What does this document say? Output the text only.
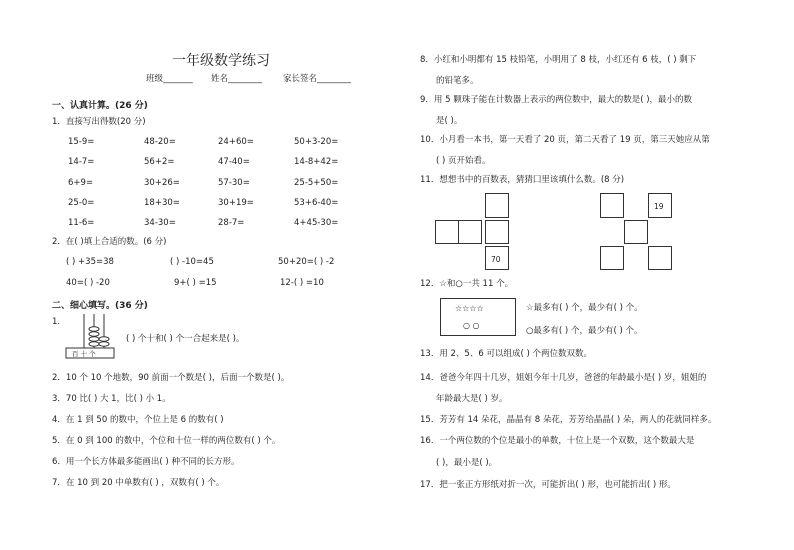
一年级数学练习
班级_______ 姓名________ 家长签名________
一、认真计算。(26 分)
1．直接写出得数(20 分)
15-9=	48-20=	24+60=	50+3-20=
14-7=	56+2=	47-40=	14-8+42=
6+9=	30+26=	57-30=	25-5+50=
25-0=	18+30=	30+19=	53+6-40=
11-6=	34-30=	28-7=	4+45-30=
2．在( )填上合适的数。(6 分)
( ) +35=38	( ) -10=45	50+20=( ) -2
40=( ) -20	9+( ) =15	12-( ) =10
二、细心填写。(36 分)
1.
百 十 个
( ) 个十和( ) 个一合起来是( )。
2．10 个 10 个地数，90 前面一个数是( )，后面一个数是( )。
3．70 比( ) 大 1，比( ) 小 1。
4．在 1 到 50 的数中，个位上是 6 的数有( )
5．在 0 到 100 的数中，个位和十位一样的两位数有( ) 个。
6．用一个长方体最多能画出( ) 种不同的长方形。
7．在 10 到 20 中单数有( ) ，双数有( ) 个。
8．小红和小明都有 15 枝铅笔，小明用了 8 枝，小红还有 6 枝，( ) 剩下
的铅笔多。
9．用 5 颗珠子能在计数器上表示的两位数中，最大的数是( )，最小的数
是( )。
10．小月看一本书，第一天看了 20 页，第二天看了 19 页，第三天她应从第
( ) 页开始看。
11．想想书中的百数表，猜猜囗里该填什么数。(8 分)
70
19
12．☆和○一共 11 个。
☆☆☆☆
○ ○
☆最多有( ) 个，最少有( ) 个。
○最多有( ) 个，最少有( ) 个。
13．用 2、5、6 可以组成( ) 个两位数双数。
14．爸爸今年四十几岁，姐姐今年十几岁，爸爸的年龄最小是( ) 岁，姐姐的
年龄最大是( ) 岁。
15．芳芳有 14 朵花，晶晶有 8 朵花，芳芳给晶晶( ) 朵，两人的花就同样多。
16．一个两位数的个位是最小的单数，十位上是一个双数，这个数最大是
( )，最小是( )。
17．把一张正方形纸对折一次，可能折出( ) 形，也可能折出( ) 形。
